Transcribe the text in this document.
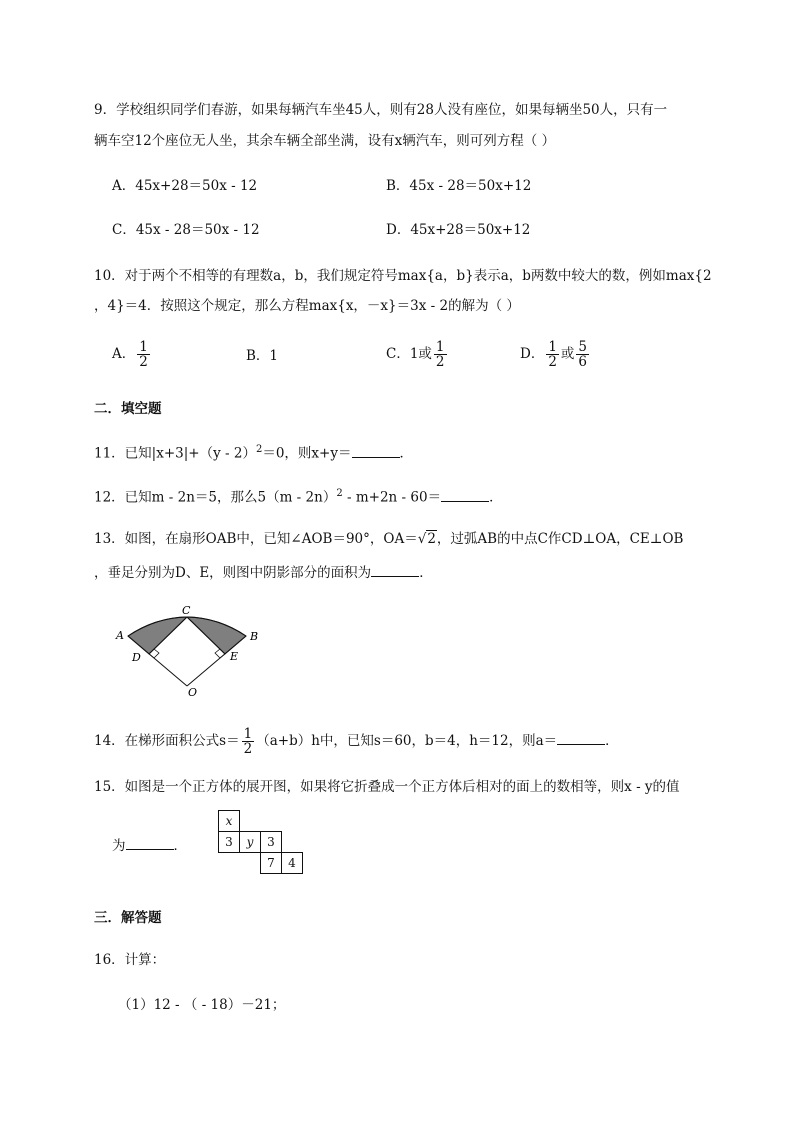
9．学校组织同学们春游，如果每辆汽车坐45人，则有28人没有座位，如果每辆坐50人，只有一
辆车空12个座位无人坐，其余车辆全部坐满，设有x辆汽车，则可列方程（ ）
A．45x+28＝50x - 12	B．45x - 28＝50x+12
C．45x - 28＝50x - 12	D．45x+28＝50x+12
10．对于两个不相等的有理数a，b，我们规定符号max{a，b}表示a，b两数中较大的数，例如max{2
，4}＝4．按照这个规定，那么方程max{x，－x}＝3x - 2的解为（ ）
A． $\frac{1}{2}$	B．1	C．1或 $\frac{1}{2}$	D． $\frac{1}{2}$ 或 $\frac{5}{6}$
二．填空题
11．已知|x+3|+（y - 2）$^2$＝0，则x+y＝	．
12．已知m - 2n＝5，那么5（m - 2n）$^2$ - m+2n - 60＝	．
13．如图，在扇形OAB中，已知∠AOB＝90°，OA＝√2，过弧AB的中点C作CD⊥OA，CE⊥OB
，垂足分别为D、E，则图中阴影部分的面积为	．
A	B
C
D	E
O
14．在梯形面积公式$s= \frac{1}{2} (a+b)h$中，已知s＝60，b＝4，h＝12，则a＝	．
15．如图是一个正方体的展开图，如果将它折叠成一个正方体后相对的面上的数相等，则x - y的值
为	．
x			
3	y	3	
		7	4
三．解答题
16．计算：
（1）12 - （ - 18）－21；
